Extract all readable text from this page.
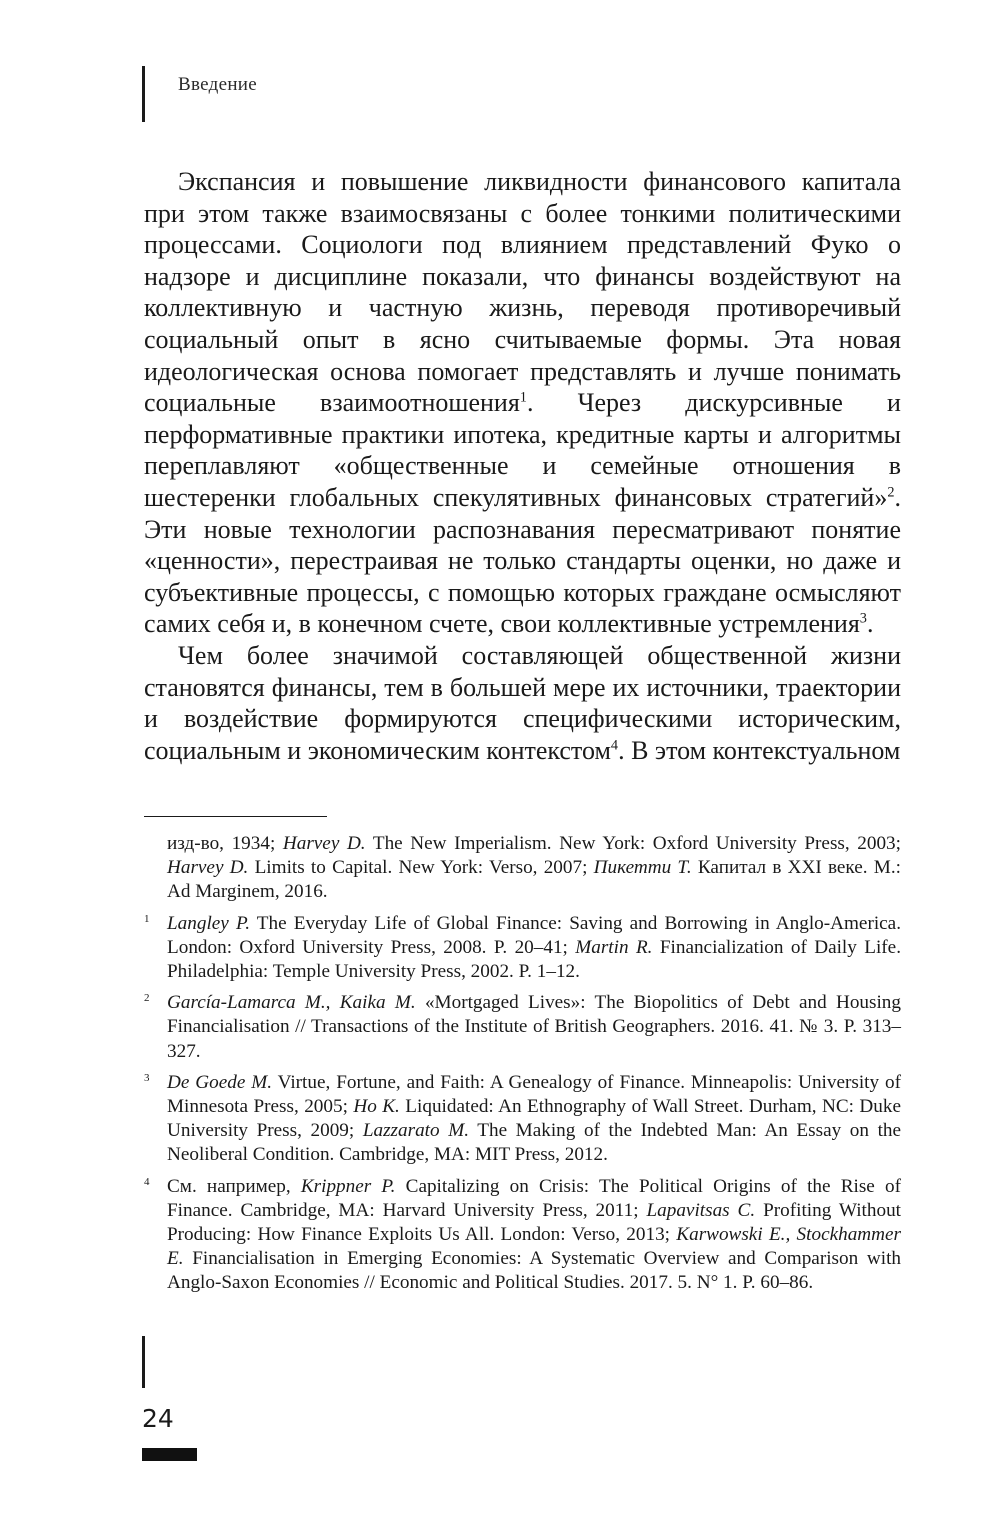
Введение

Экспансия и повышение ликвидности финансового капитала при этом также взаимосвязаны с более тонкими политическими процессами. Социологи под влиянием представлений Фуко о надзоре и дисциплине показали, что финансы воздействуют на коллективную и частную жизнь, переводя противоречивый социальный опыт в ясно считываемые формы. Эта новая идеологическая основа помогает представлять и лучше понимать социальные взаимоотношения$^1$. Через дискурсивные и перформативные практики ипотека, кредитные карты и алгоритмы переплавляют «общественные и семейные отношения в шестеренки глобальных спекулятивных финансовых стратегий»$^2$. Эти новые технологии распознавания пересматривают понятие «ценности», перестраивая не только стандарты оценки, но даже и субъективные процессы, с помощью которых граждане осмысляют самих себя и, в конечном счете, свои коллективные устремления$^3$.

Чем более значимой составляющей общественной жизни становятся финансы, тем в большей мере их источники, траектории и воздействие формируются специфическими историческим, социальным и экономическим контекстом$^4$. В этом контекстуальном

изд-во, 1934; Harvey D. The New Imperialism. New York: Oxford University Press, 2003; Harvey D. Limits to Capital. New York: Verso, 2007; Пикетти Т. Капитал в XXI веке. М.: Ad Marginem, 2016.
1 Langley P. The Everyday Life of Global Finance: Saving and Borrowing in Anglo-America. London: Oxford University Press, 2008. P. 20–41; Martin R. Financialization of Daily Life. Philadelphia: Temple University Press, 2002. P. 1–12.
2 García-Lamarca M., Kaika M. «Mortgaged Lives»: The Biopolitics of Debt and Housing Financialisation // Transactions of the Institute of British Geographers. 2016. 41. № 3. P. 313–327.
3 De Goede M. Virtue, Fortune, and Faith: A Genealogy of Finance. Minneapolis: University of Minnesota Press, 2005; Ho K. Liquidated: An Ethnography of Wall Street. Durham, NC: Duke University Press, 2009; Lazzarato M. The Making of the Indebted Man: An Essay on the Neoliberal Condition. Cambridge, MA: MIT Press, 2012.
4 См. например, Krippner P. Capitalizing on Crisis: The Political Origins of the Rise of Finance. Cambridge, MA: Harvard University Press, 2011; Lapavitsas C. Profiting Without Producing: How Finance Exploits Us All. London: Verso, 2013; Karwowski E., Stockhammer E. Financialisation in Emerging Economies: A Systematic Overview and Comparison with Anglo-Saxon Economies // Economic and Political Studies. 2017. 5. N° 1. P. 60–86.
24
